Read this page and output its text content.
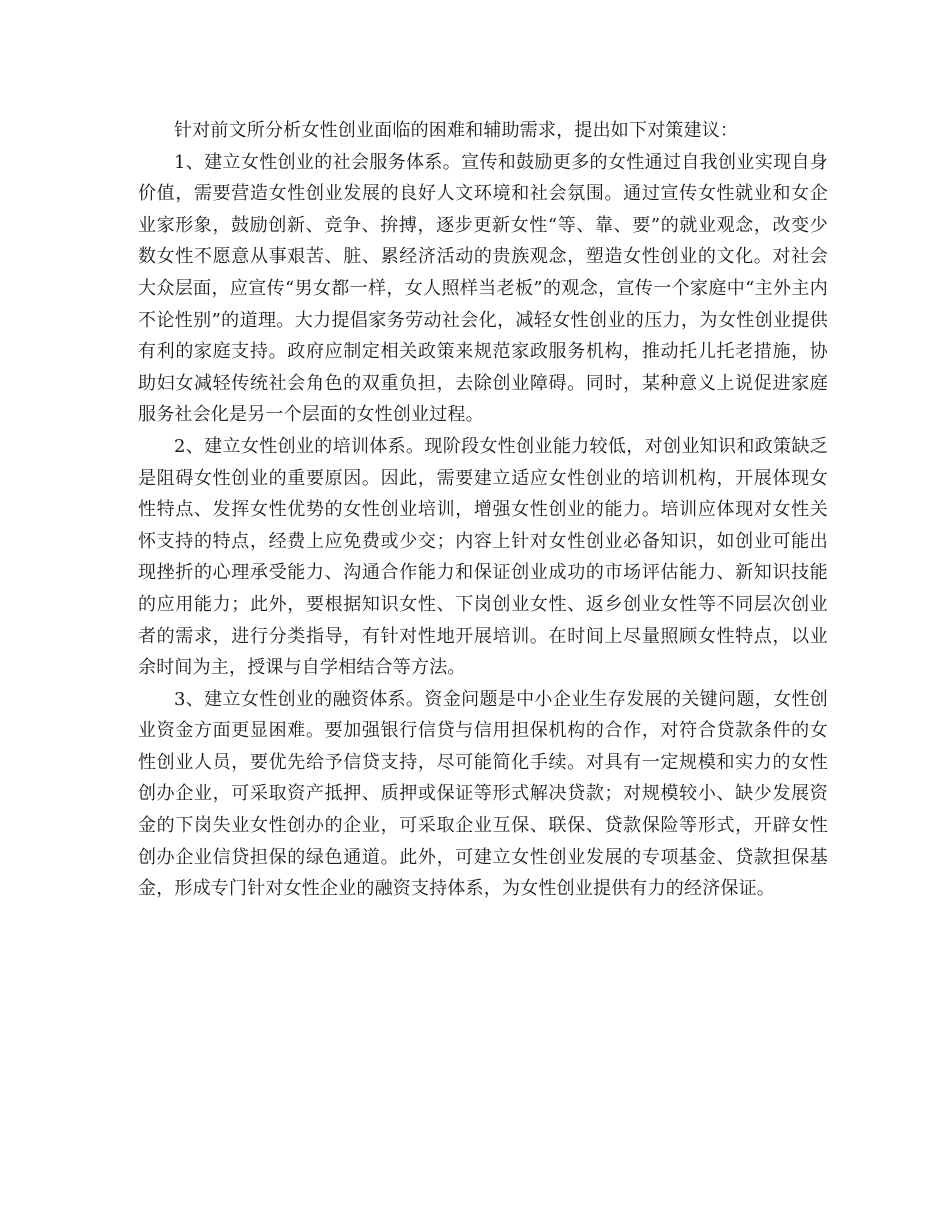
针对前文所分析女性创业面临的困难和辅助需求，提出如下对策建议：

1、建立女性创业的社会服务体系。宣传和鼓励更多的女性通过自我创业实现自身价值，需要营造女性创业发展的良好人文环境和社会氛围。通过宣传女性就业和女企业家形象，鼓励创新、竞争、拚搏，逐步更新女性“等、靠、要”的就业观念，改变少数女性不愿意从事艰苦、脏、累经济活动的贵族观念，塑造女性创业的文化。对社会大众层面，应宣传“男女都一样，女人照样当老板”的观念，宣传一个家庭中“主外主内不论性别”的道理。大力提倡家务劳动社会化，减轻女性创业的压力，为女性创业提供有利的家庭支持。政府应制定相关政策来规范家政服务机构，推动托儿托老措施，协助妇女减轻传统社会角色的双重负担，去除创业障碍。同时，某种意义上说促进家庭服务社会化是另一个层面的女性创业过程。

2、建立女性创业的培训体系。现阶段女性创业能力较低，对创业知识和政策缺乏是阻碍女性创业的重要原因。因此，需要建立适应女性创业的培训机构，开展体现女性特点、发挥女性优势的女性创业培训，增强女性创业的能力。培训应体现对女性关怀支持的特点，经费上应免费或少交；内容上针对女性创业必备知识，如创业可能出现挫折的心理承受能力、沟通合作能力和保证创业成功的市场评估能力、新知识技能的应用能力；此外，要根据知识女性、下岗创业女性、返乡创业女性等不同层次创业者的需求，进行分类指导，有针对性地开展培训。在时间上尽量照顾女性特点，以业余时间为主，授课与自学相结合等方法。

3、建立女性创业的融资体系。资金问题是中小企业生存发展的关键问题，女性创业资金方面更显困难。要加强银行信贷与信用担保机构的合作，对符合贷款条件的女性创业人员，要优先给予信贷支持，尽可能简化手续。对具有一定规模和实力的女性创办企业，可采取资产抵押、质押或保证等形式解决贷款；对规模较小、缺少发展资金的下岗失业女性创办的企业，可采取企业互保、联保、贷款保险等形式，开辟女性创办企业信贷担保的绿色通道。此外，可建立女性创业发展的专项基金、贷款担保基金，形成专门针对女性企业的融资支持体系，为女性创业提供有力的经济保证。
